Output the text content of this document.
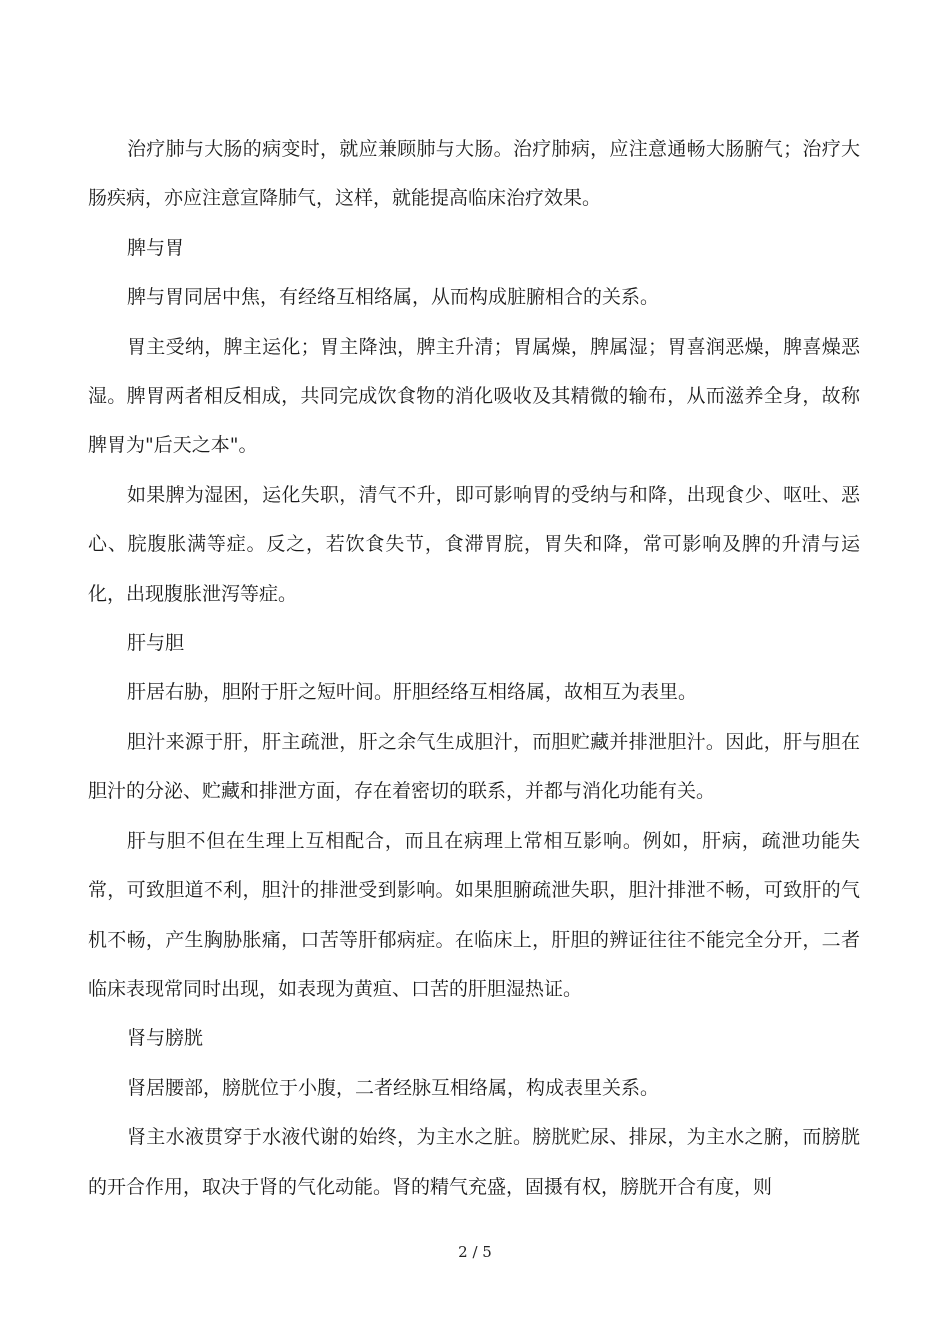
治疗肺与大肠的病变时，就应兼顾肺与大肠。治疗肺病，应注意通畅大肠腑气；治疗大肠疾病，亦应注意宣降肺气，这样，就能提高临床治疗效果。

脾与胃

脾与胃同居中焦，有经络互相络属，从而构成脏腑相合的关系。

胃主受纳，脾主运化；胃主降浊，脾主升清；胃属燥，脾属湿；胃喜润恶燥，脾喜燥恶湿。脾胃两者相反相成，共同完成饮食物的消化吸收及其精微的输布，从而滋养全身，故称脾胃为"后天之本"。

如果脾为湿困，运化失职，清气不升，即可影响胃的受纳与和降，出现食少、呕吐、恶心、脘腹胀满等症。反之，若饮食失节，食滞胃脘，胃失和降，常可影响及脾的升清与运化，出现腹胀泄泻等症。

肝与胆

肝居右胁，胆附于肝之短叶间。肝胆经络互相络属，故相互为表里。

胆汁来源于肝，肝主疏泄，肝之余气生成胆汁，而胆贮藏并排泄胆汁。因此，肝与胆在胆汁的分泌、贮藏和排泄方面，存在着密切的联系，并都与消化功能有关。

肝与胆不但在生理上互相配合，而且在病理上常相互影响。例如，肝病，疏泄功能失常，可致胆道不利，胆汁的排泄受到影响。如果胆腑疏泄失职，胆汁排泄不畅，可致肝的气机不畅，产生胸胁胀痛，口苦等肝郁病症。在临床上，肝胆的辨证往往不能完全分开，二者临床表现常同时出现，如表现为黄疸、口苦的肝胆湿热证。

肾与膀胱

肾居腰部，膀胱位于小腹，二者经脉互相络属，构成表里关系。

肾主水液贯穿于水液代谢的始终，为主水之脏。膀胱贮尿、排尿，为主水之腑，而膀胱的开合作用，取决于肾的气化动能。肾的精气充盛，固摄有权，膀胱开合有度，则

2 / 5
